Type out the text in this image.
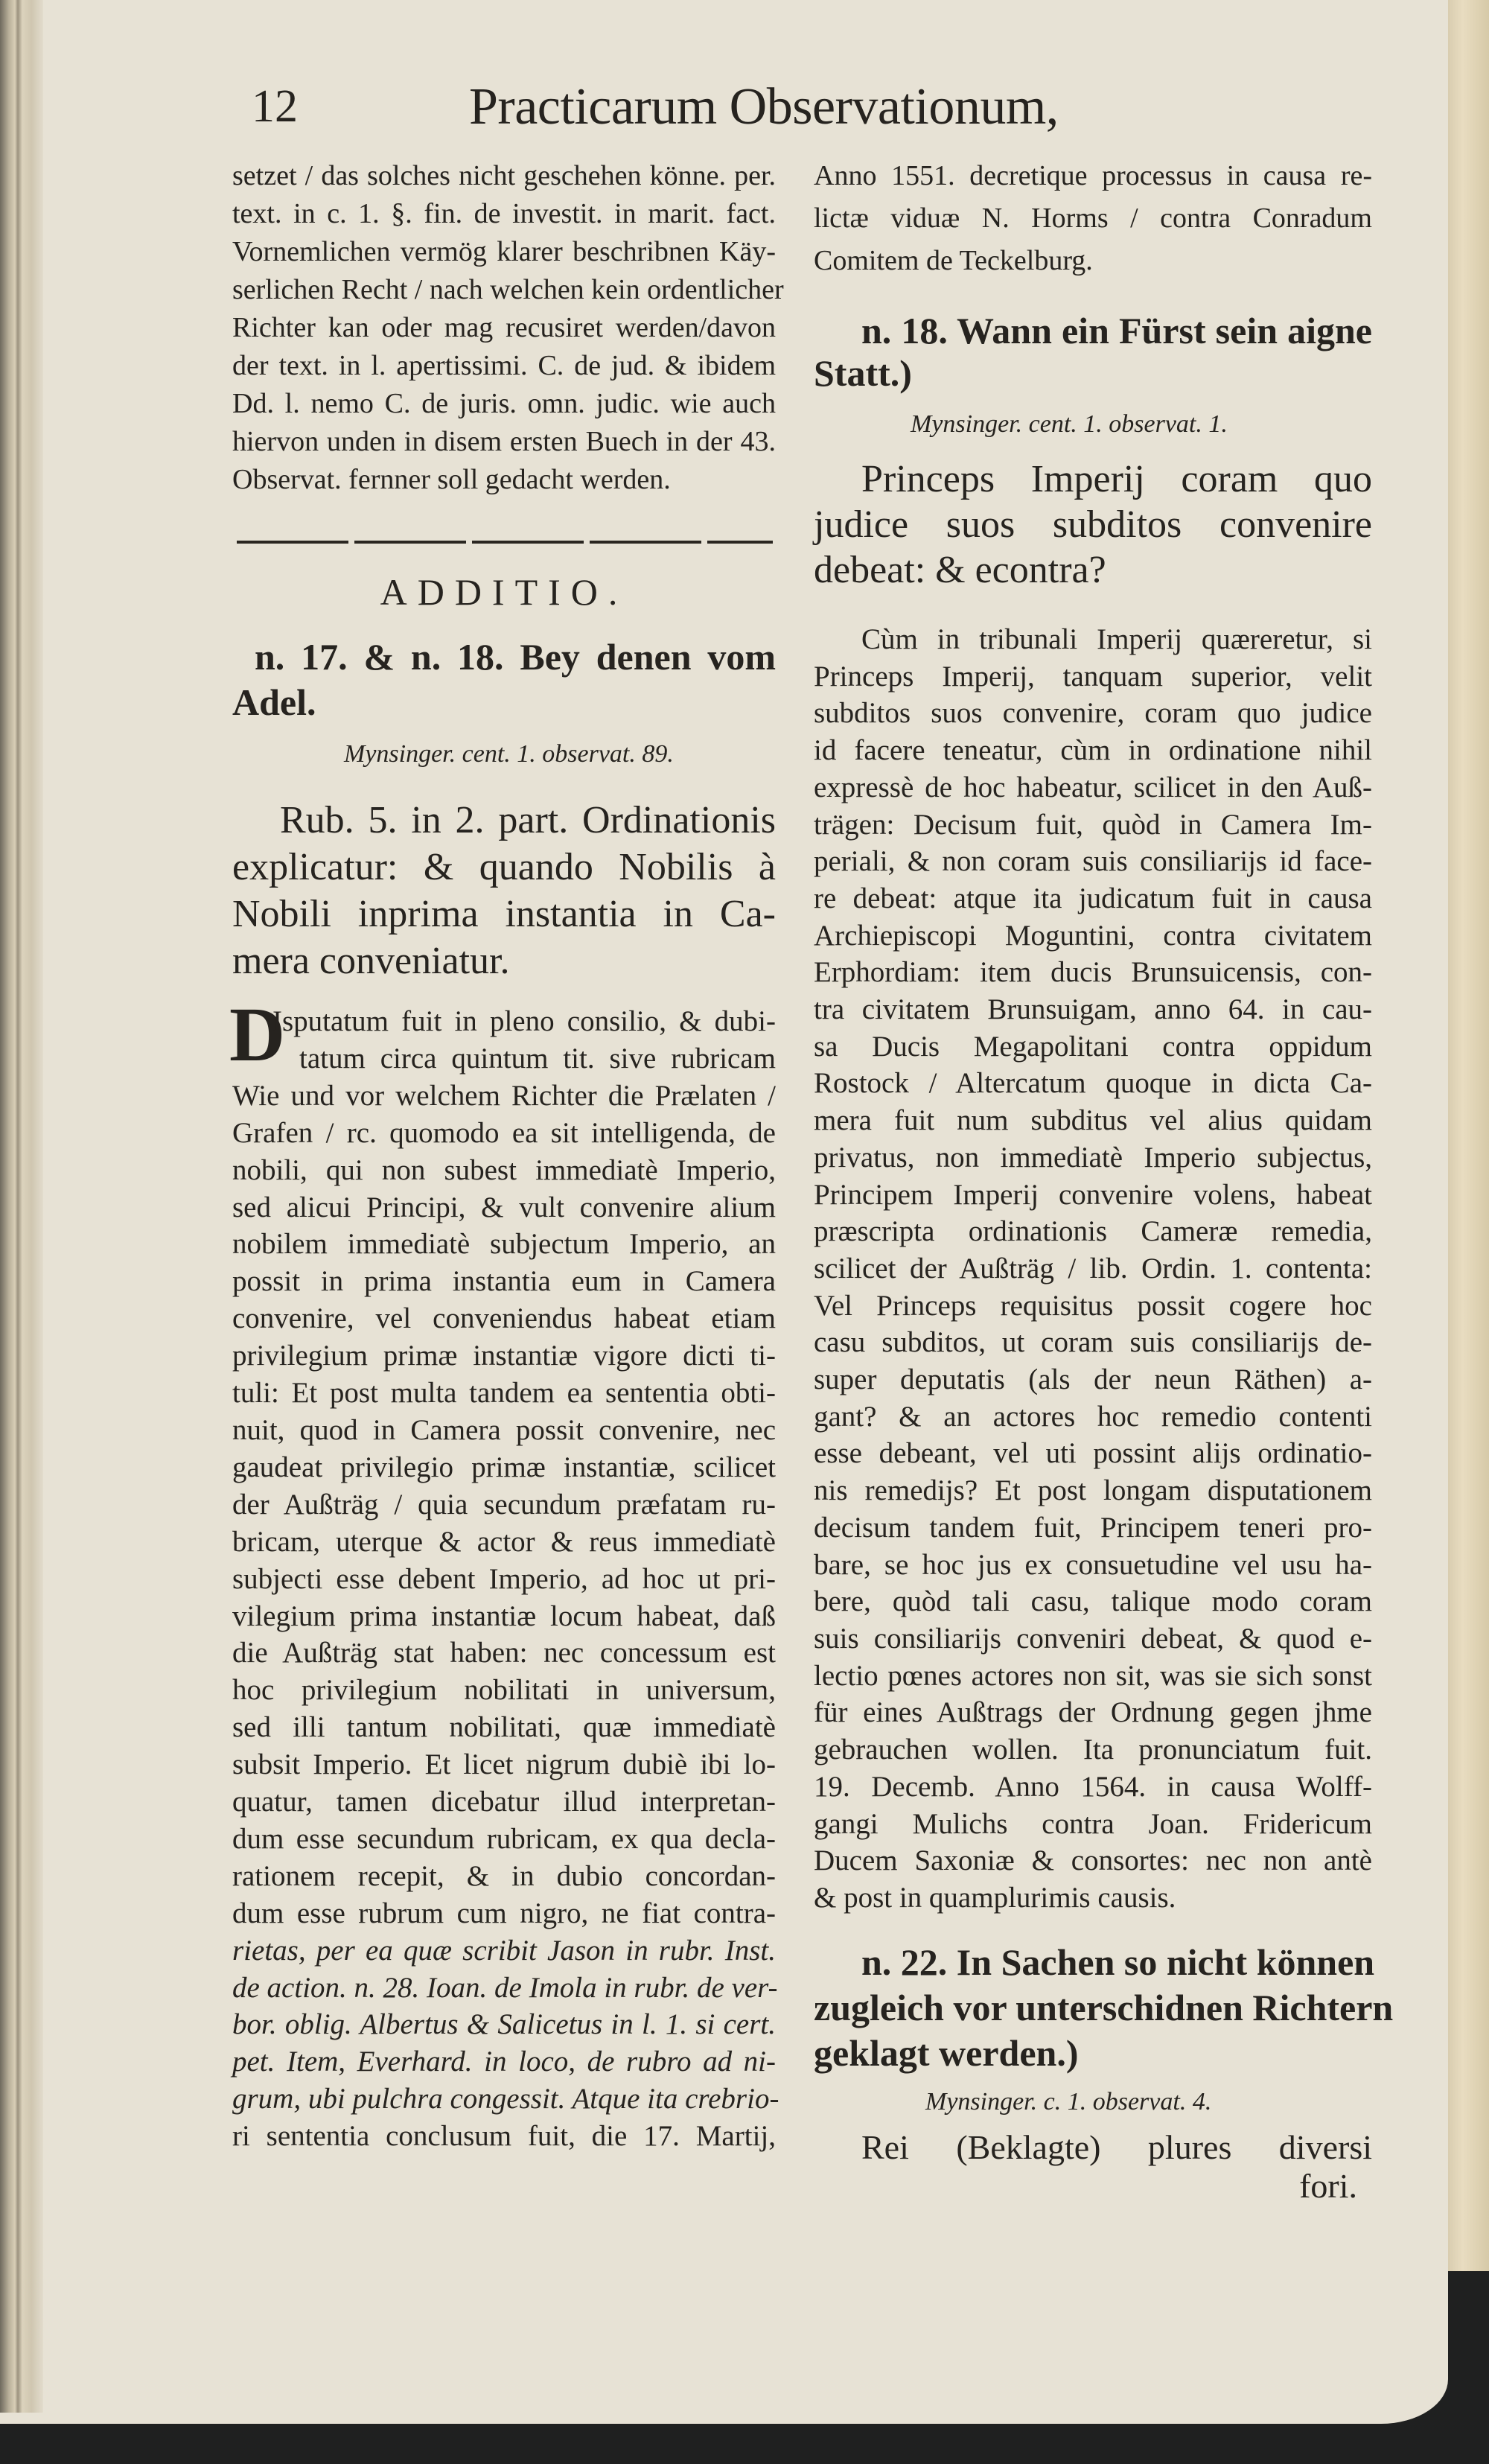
12	Practicarum Observationum,
setzet / das solches nicht geschehen könne. per.
text. in c. 1. §. fin. de investit. in marit. fact.
Vornemlichen vermög klarer beschribnen Käy-
serlichen Recht / nach welchen kein ordentlicher
Richter kan oder mag recusiret werden/davon
der text. in l. apertissimi. C. de jud. & ibidem
Dd. l. nemo C. de juris. omn. judic. wie auch
hiervon unden in disem ersten Buech in der 43.
Observat. fernner soll gedacht werden.
ADDITIO.
n. 17. & n. 18. Bey denen vom
Adel.
Mynsinger. cent. 1. observat. 89.
Rub. 5. in 2. part. Ordinationis
explicatur: & quando Nobilis à
Nobili inprima instantia in Ca-
mera conveniatur.
D
Isputatum fuit in pleno consilio, & dubi-
tatum circa quintum tit. sive rubricam
Wie und vor welchem Richter die Prælaten /
Grafen / rc. quomodo ea sit intelligenda, de
nobili, qui non subest immediatè Imperio,
sed alicui Principi, & vult convenire alium
nobilem immediatè subjectum Imperio, an
possit in prima instantia eum in Camera
convenire, vel conveniendus habeat etiam
privilegium primæ instantiæ vigore dicti ti-
tuli: Et post multa tandem ea sententia obti-
nuit, quod in Camera possit convenire, nec
gaudeat privilegio primæ instantiæ, scilicet
der Außträg / quia secundum præfatam ru-
bricam, uterque & actor & reus immediatè
subjecti esse debent Imperio, ad hoc ut pri-
vilegium prima instantiæ locum habeat, daß
die Außträg stat haben: nec concessum est
hoc privilegium nobilitati in universum,
sed illi tantum nobilitati, quæ immediatè
subsit Imperio. Et licet nigrum dubiè ibi lo-
quatur, tamen dicebatur illud interpretan-
dum esse secundum rubricam, ex qua decla-
rationem recepit, & in dubio concordan-
dum esse rubrum cum nigro, ne fiat contra-
rietas, per ea quæ scribit Jason in rubr. Inst.
de action. n. 28. Ioan. de Imola in rubr. de ver-
bor. oblig. Albertus & Salicetus in l. 1. si cert.
pet. Item, Everhard. in loco, de rubro ad ni-
grum, ubi pulchra congessit. Atque ita crebrio-
ri sententia conclusum fuit, die 17. Martij,
Anno 1551. decretique processus in causa re-
lictæ viduæ N. Horms / contra Conradum
Comitem de Teckelburg.
n. 18. Wann ein Fürst sein aigne
Statt.)
Mynsinger. cent. 1. observat. 1.
Princeps Imperij coram quo
judice suos subditos convenire
debeat: & econtra?
Cùm in tribunali Imperij quæreretur, si
Princeps Imperij, tanquam superior, velit
subditos suos convenire, coram quo judice
id facere teneatur, cùm in ordinatione nihil
expressè de hoc habeatur, scilicet in den Auß-
trägen: Decisum fuit, quòd in Camera Im-
periali, & non coram suis consiliarijs id face-
re debeat: atque ita judicatum fuit in causa
Archiepiscopi Moguntini, contra civitatem
Erphordiam: item ducis Brunsuicensis, con-
tra civitatem Brunsuigam, anno 64. in cau-
sa Ducis Megapolitani contra oppidum
Rostock / Altercatum quoque in dicta Ca-
mera fuit num subditus vel alius quidam
privatus, non immediatè Imperio subjectus,
Principem Imperij convenire volens, habeat
præscripta ordinationis Cameræ remedia,
scilicet der Außträg / lib. Ordin. 1. contenta:
Vel Princeps requisitus possit cogere hoc
casu subditos, ut coram suis consiliarijs de-
super deputatis (als der neun Räthen) a-
gant? & an actores hoc remedio contenti
esse debeant, vel uti possint alijs ordinatio-
nis remedijs? Et post longam disputationem
decisum tandem fuit, Principem teneri pro-
bare, se hoc jus ex consuetudine vel usu ha-
bere, quòd tali casu, talique modo coram
suis consiliarijs conveniri debeat, & quod e-
lectio pœnes actores non sit, was sie sich sonst
für eines Außtrags der Ordnung gegen jhme
gebrauchen wollen. Ita pronunciatum fuit.
19. Decemb. Anno 1564. in causa Wolff-
gangi Mulichs contra Joan. Fridericum
Ducem Saxoniæ & consortes: nec non antè
& post in quamplurimis causis.
n. 22. In Sachen so nicht können
zugleich vor unterschidnen Richtern
geklagt werden.)
Mynsinger. c. 1. observat. 4.
Rei (Beklagte) plures diversi
fori.
